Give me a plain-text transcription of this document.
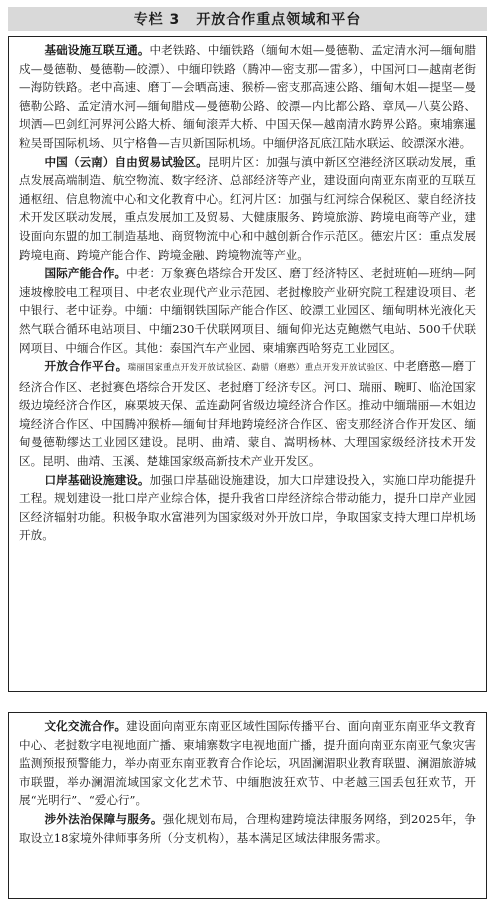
专栏 3 开放合作重点领域和平台

基础设施互联互通。中老铁路、中缅铁路（缅甸木姐—曼德勒、孟定清水河—缅甸腊戍—曼德勒、曼德勒—皎漂）、中缅印铁路（腾冲—密支那—雷多），中国河口—越南老街—海防铁路。老中高速、磨丁—会晒高速、猴桥—密支那高速公路、缅甸木姐—提坚—曼德勒公路、孟定清水河—缅甸腊戍—曼德勒公路、皎漂—内比都公路、章凤—八莫公路、坝洒—巴剑红河界河公路大桥、缅甸滚弄大桥、中国天保—越南清水跨界公路。柬埔寨暹粒吴哥国际机场、贝宁格鲁—吉贝新国际机场。中缅伊洛瓦底江陆水联运、皎漂深水港。

中国（云南）自由贸易试验区。昆明片区：加强与滇中新区空港经济区联动发展，重点发展高端制造、航空物流、数字经济、总部经济等产业，建设面向南亚东南亚的互联互通枢纽、信息物流中心和文化教育中心。红河片区：加强与红河综合保税区、蒙自经济技术开发区联动发展，重点发展加工及贸易、大健康服务、跨境旅游、跨境电商等产业，建设面向东盟的加工制造基地、商贸物流中心和中越创新合作示范区。德宏片区：重点发展跨境电商、跨境产能合作、跨境金融、跨境物流等产业。

国际产能合作。中老：万象赛色塔综合开发区、磨丁经济特区、老挝班帕—班纳—阿速坡橡胶电工程项目、中老农业现代产业示范园、老挝橡胶产业研究院工程建设项目、老中银行、老中证券。中缅：中缅钢铁国际产能合作区、皎漂工业园区、缅甸明林光液化天然气联合循环电站项目、中缅230千伏联网项目、缅甸仰光达克鲍燃气电站、500千伏联网项目、中缅合作区。其他：泰国汽车产业园、柬埔寨西哈努克工业园区。

开放合作平台。瑞丽国家重点开发开放试验区、勐腊（磨憨）重点开发开放试验区、中老磨憨—磨丁经济合作区、老挝赛色塔综合开发区、老挝磨丁经济专区。河口、瑞丽、畹町、临沧国家级边境经济合作区，麻栗坡天保、孟连勐阿省级边境经济合作区。推动中缅瑞丽—木姐边境经济合作区、中国腾冲猴桥—缅甸甘拜地跨境经济合作区、密支那经济合作开发区、缅甸曼德勒缪达工业园区建设。昆明、曲靖、蒙自、嵩明杨林、大理国家级经济技术开发区。昆明、曲靖、玉溪、楚雄国家级高新技术产业开发区。

口岸基础设施建设。加强口岸基础设施建设，加大口岸建设投入，实施口岸功能提升工程。规划建设一批口岸产业综合体，提升我省口岸经济综合带动能力，提升口岸产业园区经济辐射功能。积极争取水富港列为国家级对外开放口岸，争取国家支持大理口岸机场开放。

文化交流合作。建设面向南亚东南亚区域性国际传播平台、面向南亚东南亚华文教育中心、老挝数字电视地面广播、柬埔寨数字电视地面广播，提升面向南亚东南亚气象灾害监测预报预警能力，举办南亚东南亚教育合作论坛，巩固澜湄职业教育联盟、澜湄旅游城市联盟，举办澜湄流域国家文化艺术节、中缅胞波狂欢节、中老越三国丢包狂欢节，开展“光明行”、“爱心行”。

涉外法治保障与服务。强化规划布局，合理构建跨境法律服务网络，到2025年，争取设立18家境外律师事务所（分支机构），基本满足区域法律服务需求。
